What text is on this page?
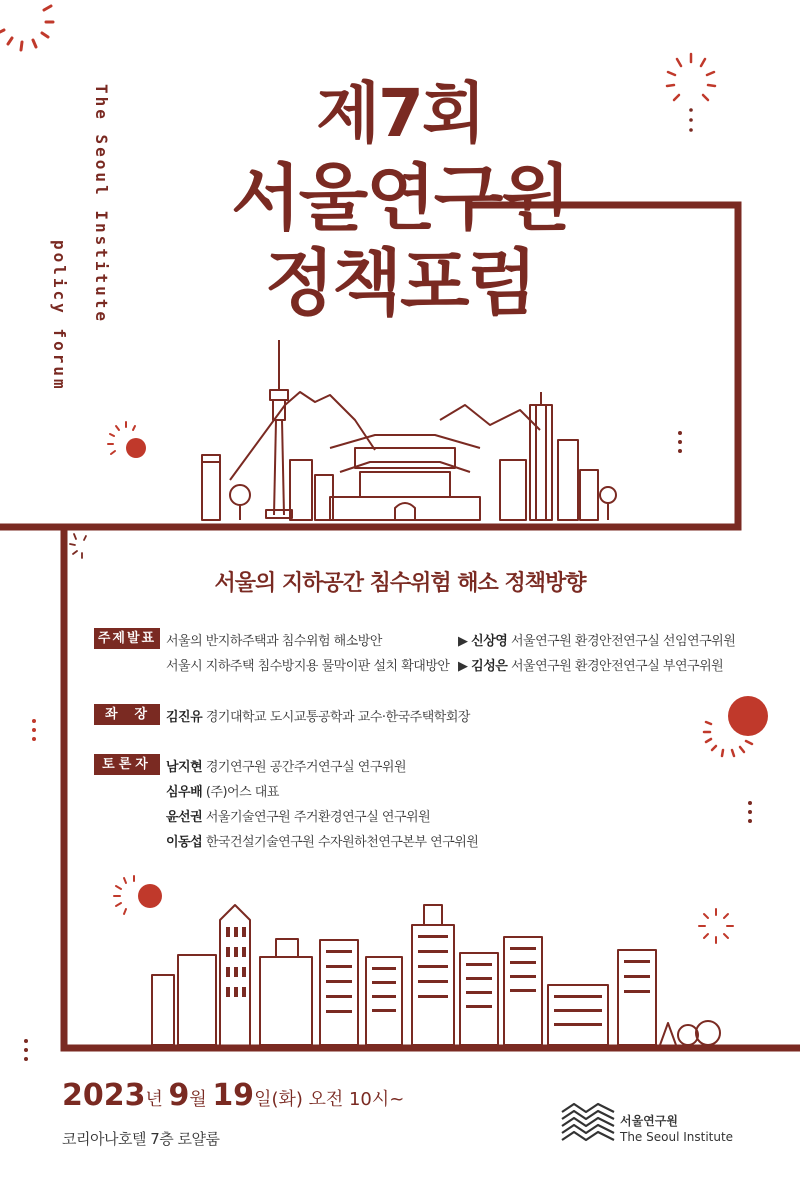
The Seoul Institute
policy forum
제7회
서울연구원
정책포럼
서울의 지하공간 침수위험 해소 정책방향
주제발표 서울의 반지하주택과 침수위험 해소방안	▶ 신상영 서울연구원 환경안전연구실 선임연구위원
서울시 지하주택 침수방지용 물막이판 설치 확대방안 ▶ 김성은 서울연구원 환경안전연구실 부연구위원
좌　장	김진유 경기대학교 도시교통공학과 교수·한국주택학회장
토론자	남지현 경기연구원 공간주거연구실 연구위원
심우배 (주)어스 대표
윤선권 서울기술연구원 주거환경연구실 연구위원
이동섭 한국건설기술연구원 수자원하천연구본부 연구위원
2023년 9월 19일(화) 오전 10시~
코리아나호텔 7층 로얄룸
서울연구원
The Seoul Institute
